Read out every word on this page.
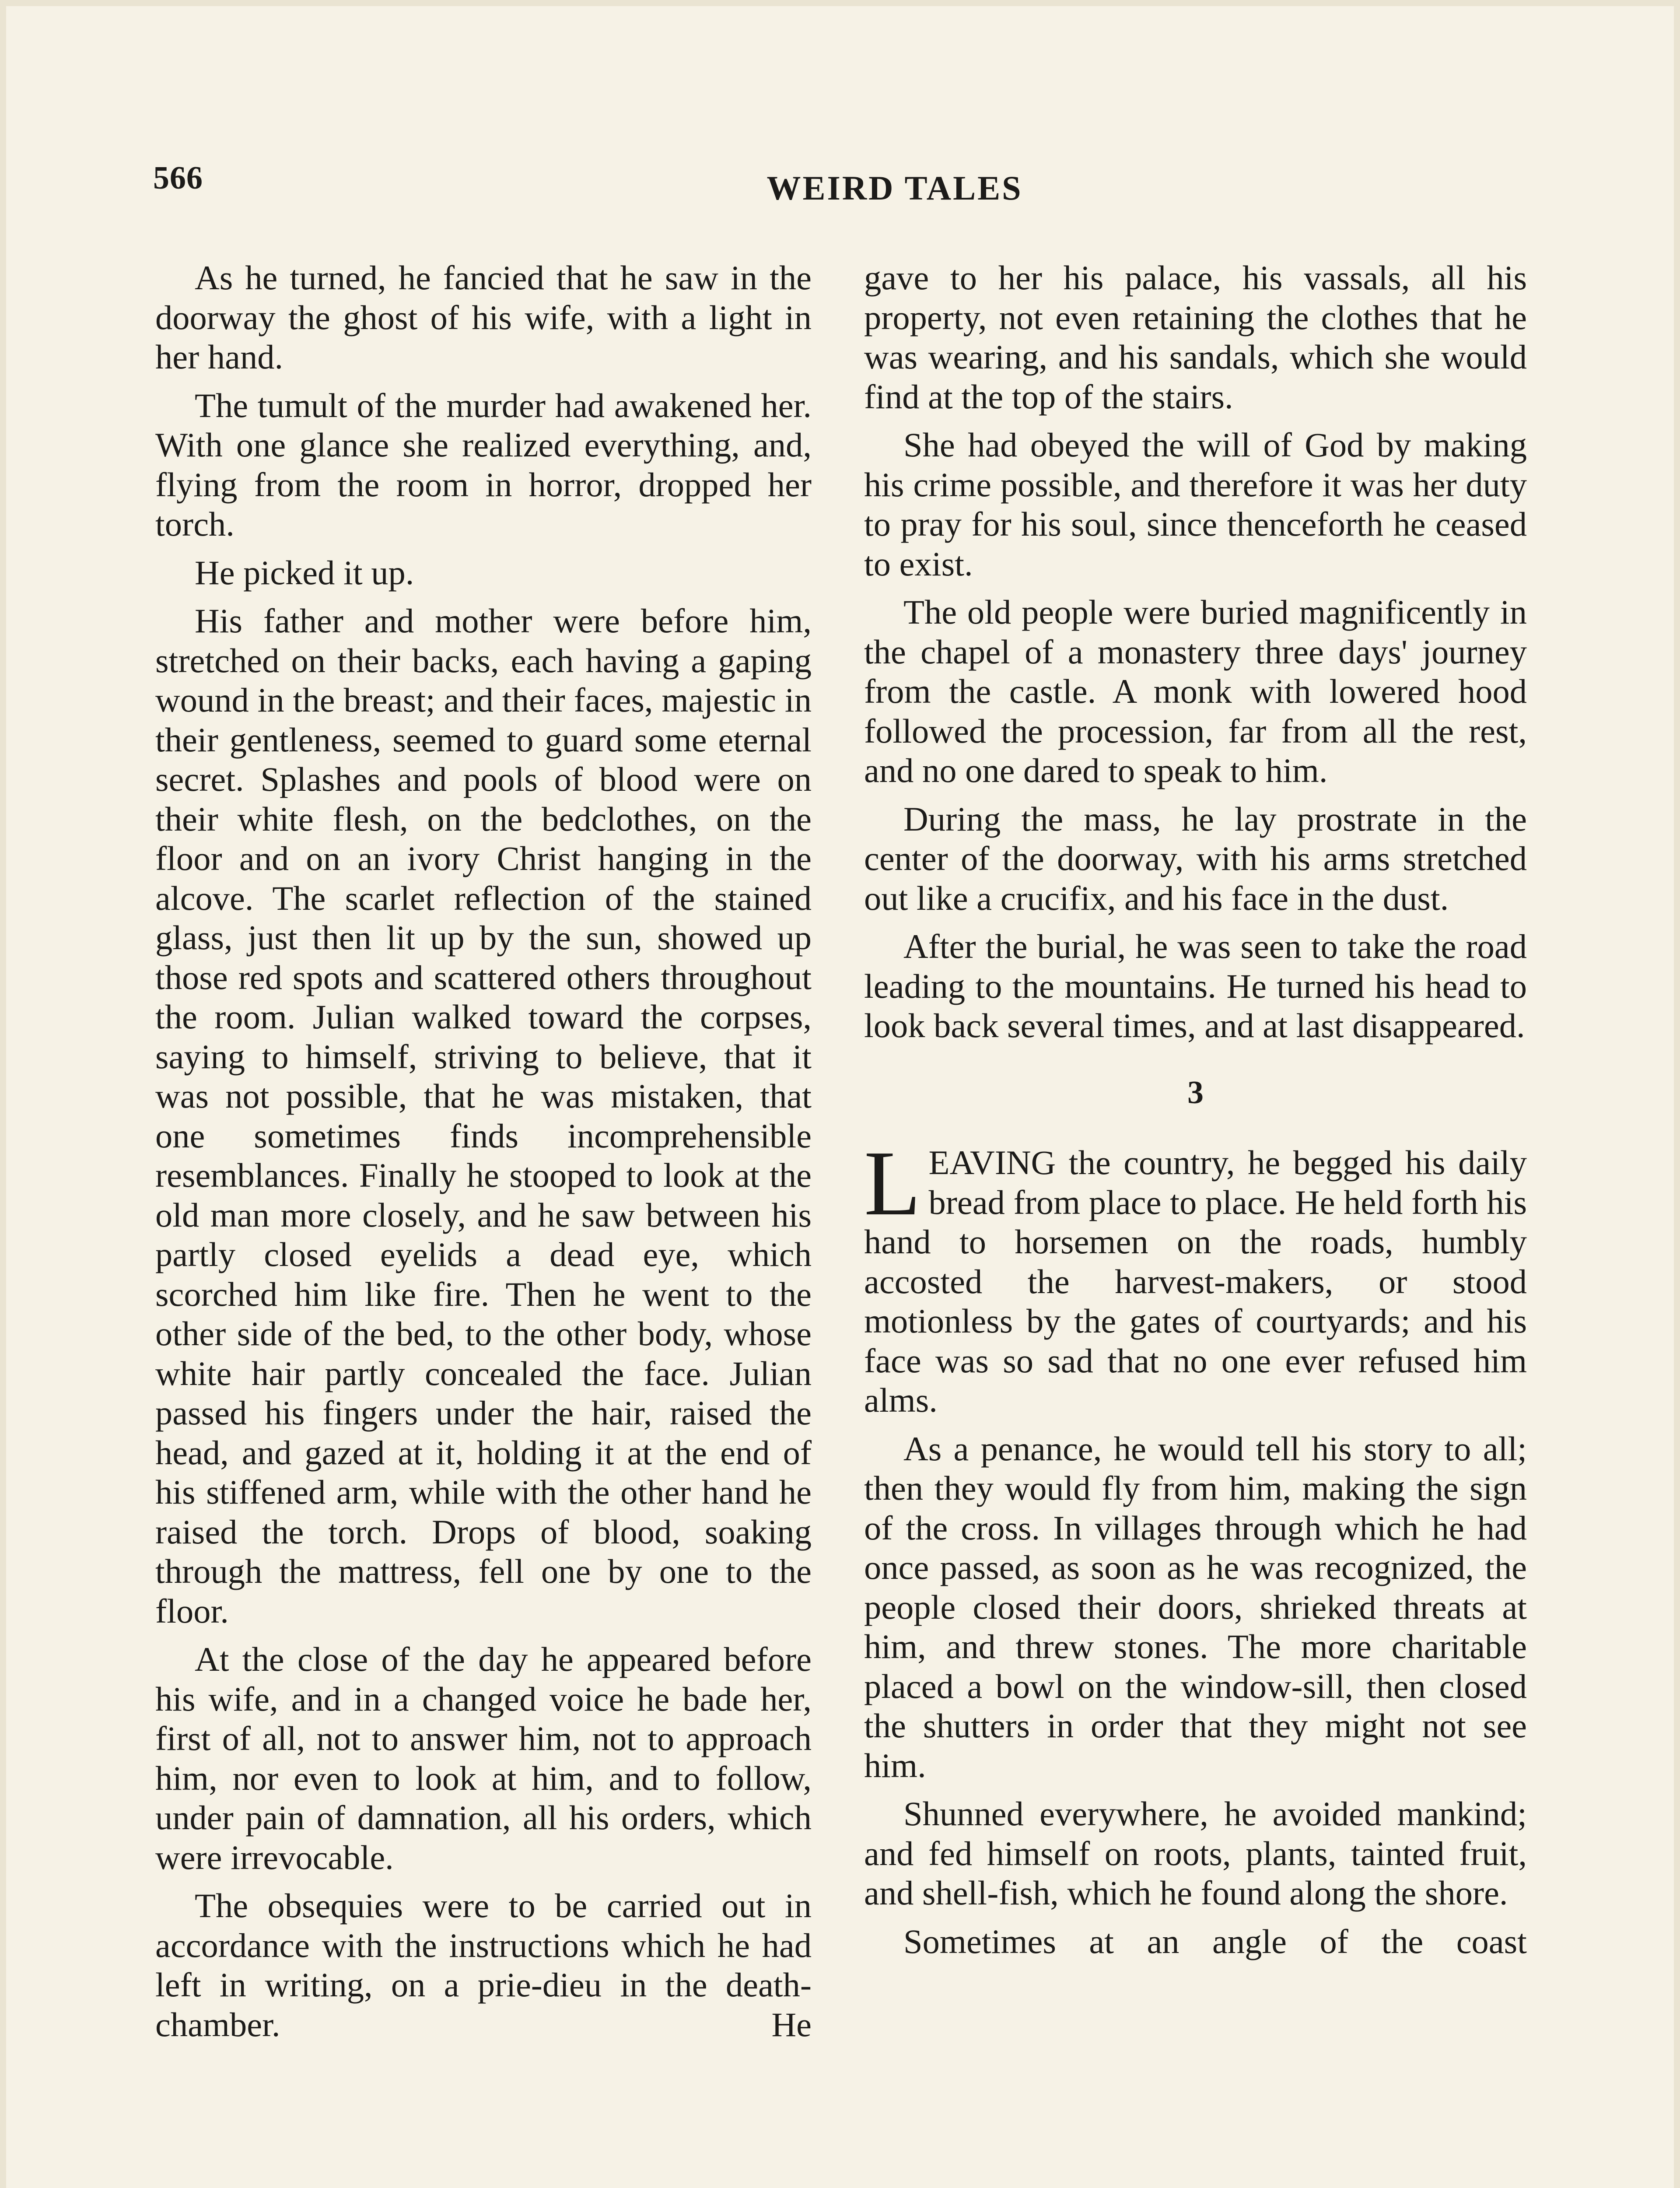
566	WEIRD TALES

As he turned, he fancied that he saw in the doorway the ghost of his wife, with a light in her hand.

The tumult of the murder had awakened her. With one glance she realized everything, and, flying from the room in horror, dropped her torch.

He picked it up.

His father and mother were before him, stretched on their backs, each having a gaping wound in the breast; and their faces, majestic in their gentleness, seemed to guard some eternal secret. Splashes and pools of blood were on their white flesh, on the bedclothes, on the floor and on an ivory Christ hanging in the alcove. The scarlet reflection of the stained glass, just then lit up by the sun, showed up those red spots and scattered others throughout the room. Julian walked toward the corpses, saying to himself, striving to believe, that it was not possible, that he was mistaken, that one sometimes finds incomprehensible resemblances. Finally he stooped to look at the old man more closely, and he saw between his partly closed eyelids a dead eye, which scorched him like fire. Then he went to the other side of the bed, to the other body, whose white hair partly concealed the face. Julian passed his fingers under the hair, raised the head, and gazed at it, holding it at the end of his stiffened arm, while with the other hand he raised the torch. Drops of blood, soaking through the mattress, fell one by one to the floor.

At the close of the day he appeared before his wife, and in a changed voice he bade her, first of all, not to answer him, not to approach him, nor even to look at him, and to follow, under pain of damnation, all his orders, which were irrevocable.

The obsequies were to be carried out in accordance with the instructions which he had left in writing, on a prie-dieu in the death-chamber. He

gave to her his palace, his vassals, all his property, not even retaining the clothes that he was wearing, and his sandals, which she would find at the top of the stairs.

She had obeyed the will of God by making his crime possible, and therefore it was her duty to pray for his soul, since thenceforth he ceased to exist.

The old people were buried magnificently in the chapel of a monastery three days' journey from the castle. A monk with lowered hood followed the procession, far from all the rest, and no one dared to speak to him.

During the mass, he lay prostrate in the center of the doorway, with his arms stretched out like a crucifix, and his face in the dust.

After the burial, he was seen to take the road leading to the mountains. He turned his head to look back several times, and at last disappeared.

3

LEAVING the country, he begged his daily bread from place to place. He held forth his hand to horsemen on the roads, humbly accosted the harvest-makers, or stood motionless by the gates of courtyards; and his face was so sad that no one ever refused him alms.

As a penance, he would tell his story to all; then they would fly from him, making the sign of the cross. In villages through which he had once passed, as soon as he was recognized, the people closed their doors, shrieked threats at him, and threw stones. The more charitable placed a bowl on the window-sill, then closed the shutters in order that they might not see him.

Shunned everywhere, he avoided mankind; and fed himself on roots, plants, tainted fruit, and shell-fish, which he found along the shore.

Sometimes at an angle of the coast
